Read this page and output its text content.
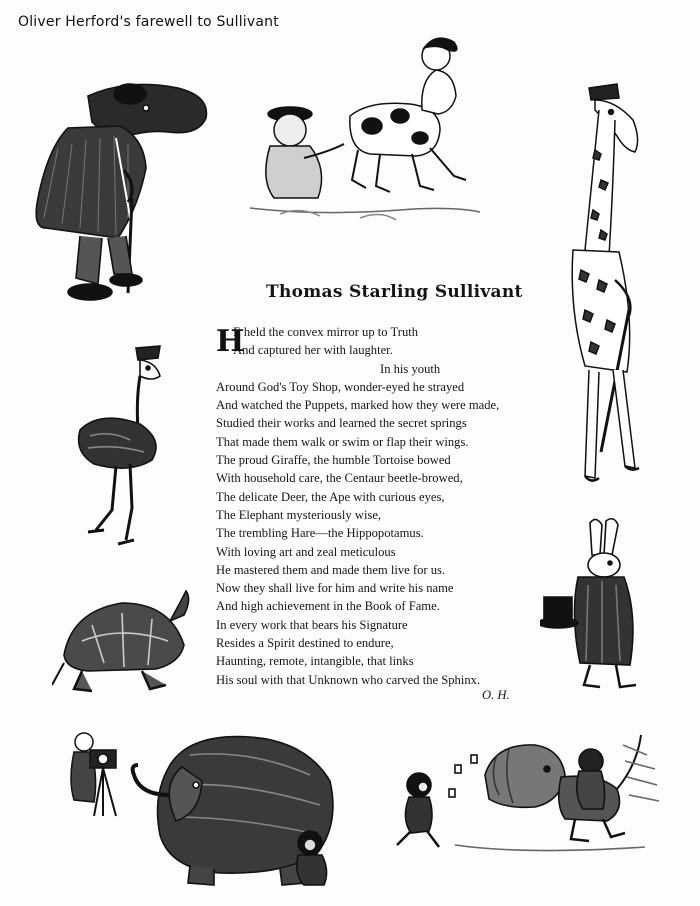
Oliver Herford's farewell to Sullivant
Thomas Starling Sullivant
H
E held the convex mirror up to Truth
And captured her with laughter.
In his youth
Around God's Toy Shop, wonder-eyed he strayed
And watched the Puppets, marked how they were made,
Studied their works and learned the secret springs
That made them walk or swim or flap their wings.
The proud Giraffe, the humble Tortoise bowed
With household care, the Centaur beetle-browed,
The delicate Deer, the Ape with curious eyes,
The Elephant mysteriously wise,
The trembling Hare—the Hippopotamus.
With loving art and zeal meticulous
He mastered them and made them live for us.
Now they shall live for him and write his name
And high achievement in the Book of Fame.
In every work that bears his Signature
Resides a Spirit destined to endure,
Haunting, remote, intangible, that links
His soul with that Unknown who carved the Sphinx.
O. H.
